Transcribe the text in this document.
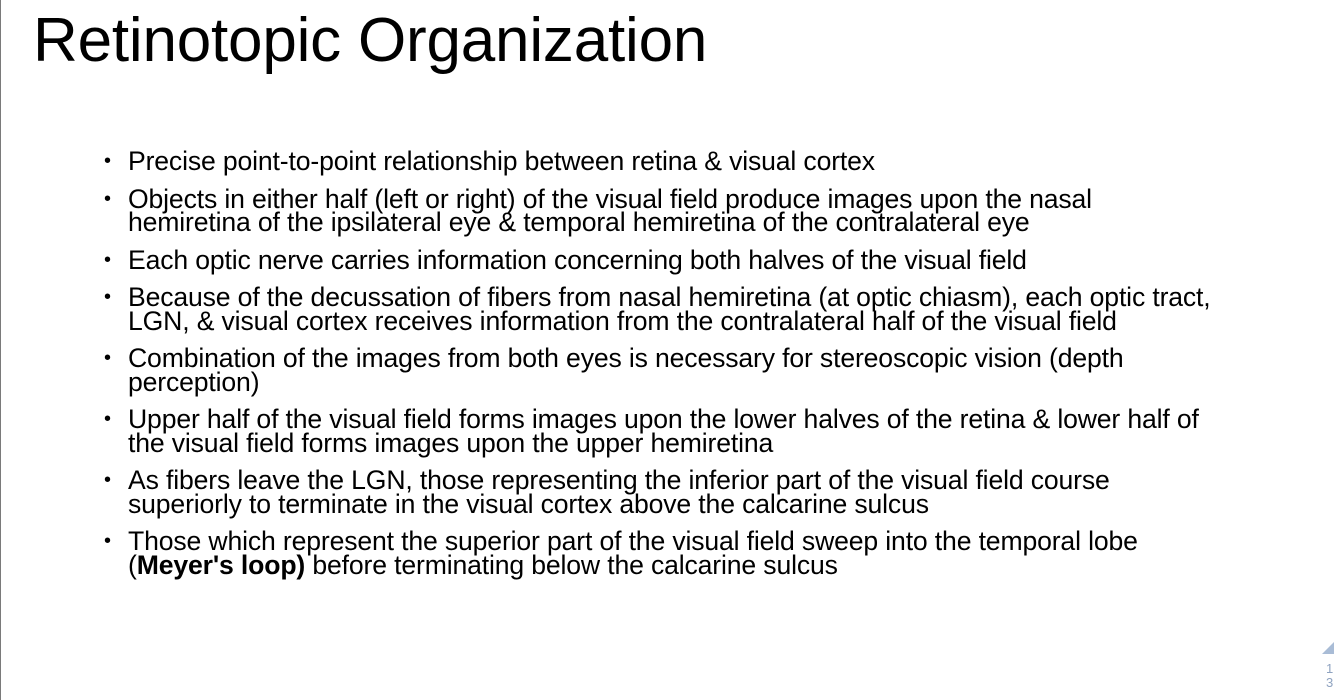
Retinotopic Organization
• Precise point-to-point relationship between retina & visual cortex
• Objects in either half (left or right) of the visual field produce images upon the nasal hemiretina of the ipsilateral eye & temporal hemiretina of the contralateral eye
• Each optic nerve carries information concerning both halves of the visual field
• Because of the decussation of fibers from nasal hemiretina (at optic chiasm), each optic tract, LGN, & visual cortex receives information from the contralateral half of the visual field
• Combination of the images from both eyes is necessary for stereoscopic vision (depth perception)
• Upper half of the visual field forms images upon the lower halves of the retina & lower half of the visual field forms images upon the upper hemiretina
• As fibers leave the LGN, those representing the inferior part of the visual field course superiorly to terminate in the visual cortex above the calcarine sulcus
• Those which represent the superior part of the visual field sweep into the temporal lobe (Meyer's loop) before terminating below the calcarine sulcus
1
3
